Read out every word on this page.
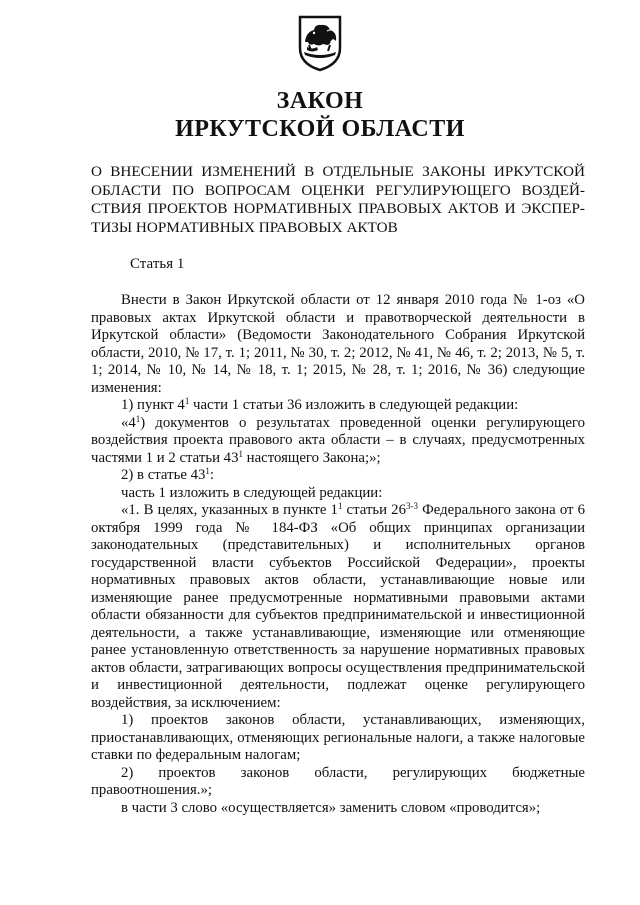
ЗАКОН
ИРКУТСКОЙ ОБЛАСТИ
О ВНЕСЕНИИ ИЗМЕНЕНИЙ В ОТДЕЛЬНЫЕ ЗАКОНЫ ИРКУТСКОЙ
ОБЛАСТИ ПО ВОПРОСАМ ОЦЕНКИ РЕГУЛИРУЮЩЕГО ВОЗДЕЙ-
СТВИЯ ПРОЕКТОВ НОРМАТИВНЫХ ПРАВОВЫХ АКТОВ И ЭКСПЕР-
ТИЗЫ НОРМАТИВНЫХ ПРАВОВЫХ АКТОВ
Статья 1

Внести в Закон Иркутской области от 12 января 2010 года № 1-оз «О правовых актах Иркутской области и правотворческой деятельности в Иркутской области» (Ведомости Законодательного Собрания Иркутской области, 2010, № 17, т. 1; 2011, № 30, т. 2; 2012, № 41, № 46, т. 2; 2013, № 5, т. 1; 2014, № 10, № 14, № 18, т. 1; 2015, № 28, т. 1; 2016, № 36) следующие изменения:

1) пункт $4^1$ части 1 статьи 36 изложить в следующей редакции:

«$4^1$) документов о результатах проведенной оценки регулирующего воздействия проекта правового акта области – в случаях, предусмотренных частями 1 и 2 статьи $43^1$ настоящего Закона;»;

2) в статье $43^1$:

часть 1 изложить в следующей редакции:

«1. В целях, указанных в пункте $1^1$ статьи 26$^{3-3}$ Федерального закона от 6 октября 1999 года № 184-ФЗ «Об общих принципах организации законодательных (представительных) и исполнительных органов государственной власти субъектов Российской Федерации», проекты нормативных правовых актов области, устанавливающие новые или изменяющие ранее предусмотренные нормативными правовыми актами области обязанности для субъектов предпринимательской и инвестиционной деятельности, а также устанавливающие, изменяющие или отменяющие ранее установленную ответственность за нарушение нормативных правовых актов области, затрагивающих вопросы осуществления предпринимательской и инвестиционной деятельности, подлежат оценке регулирующего воздействия, за исключением:

1) проектов законов области, устанавливающих, изменяющих, приостанавливающих, отменяющих региональные налоги, а также налоговые ставки по федеральным налогам;

2) проектов законов области, регулирующих бюджетные правоотношения.»;

в части 3 слово «осуществляется» заменить словом «проводится»;
